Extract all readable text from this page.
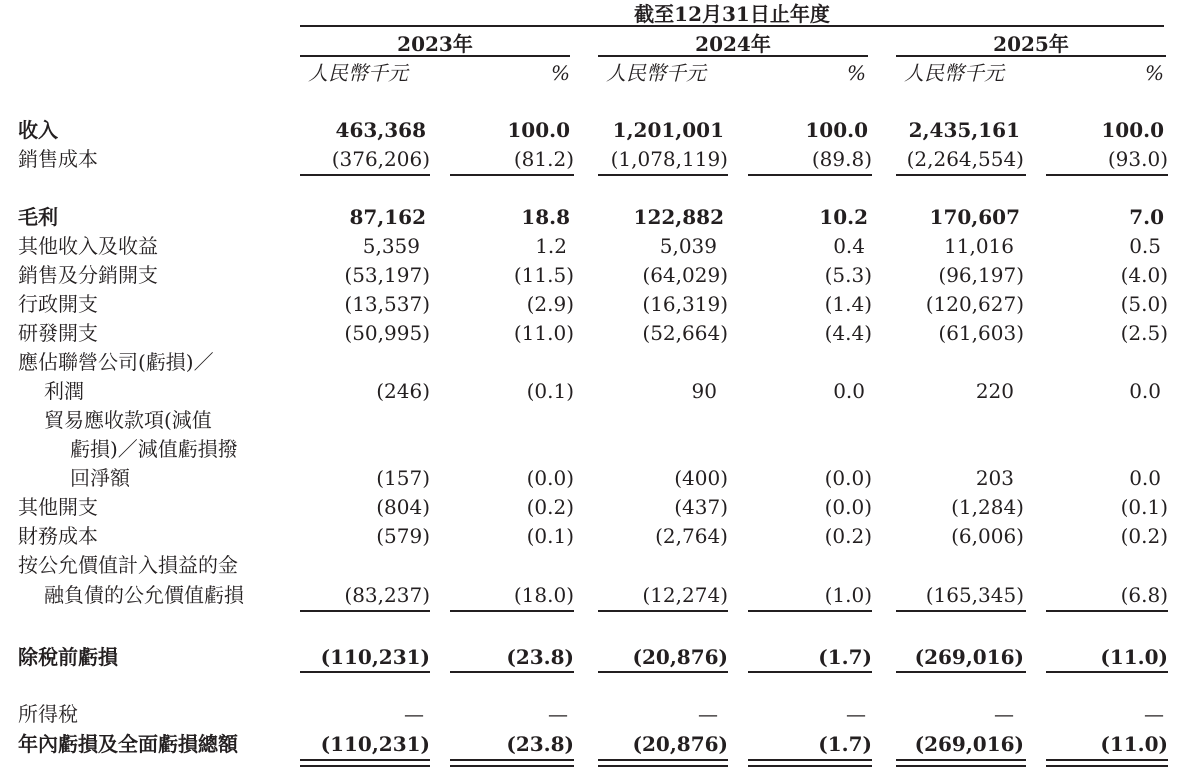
截至12月31日止年度
2023年	2024年	2025年
人民幣千元	% 人民幣千元	% 人民幣千元	%
收入	463,368	100.0	1,201,001	100.0	2,435,161	100.0
銷售成本	(376,206)	(81.2)	(1,078,119)	(89.8)	(2,264,554)	(93.0)
毛利	87,162	18.8	122,882	10.2	170,607	7.0
其他收入及收益	5,359	1.2	5,039	0.4	11,016	0.5
銷售及分銷開支	(53,197)	(11.5)	(64,029)	(5.3)	(96,197)	(4.0)
行政開支	(13,537)	(2.9)	(16,319)	(1.4)	(120,627)	(5.0)
研發開支	(50,995)	(11.0)	(52,664)	(4.4)	(61,603)	(2.5)
應佔聯營公司(虧損)／
利潤	(246)	(0.1)	90	0.0	220	0.0
貿易應收款項(減值
虧損)／減值虧損撥
回淨額	(157)	(0.0)	(400)	(0.0)	203	0.0
其他開支	(804)	(0.2)	(437)	(0.0)	(1,284)	(0.1)
財務成本	(579)	(0.1)	(2,764)	(0.2)	(6,006)	(0.2)
按公允價值計入損益的金
融負債的公允價值虧損	(83,237)	(18.0)	(12,274)	(1.0)	(165,345)	(6.8)
除稅前虧損	(110,231)	(23.8)	(20,876)	(1.7)	(269,016)	(11.0)
所得稅	—	—	—	—	—	—
年內虧損及全面虧損總額	(110,231)	(23.8)	(20,876)	(1.7)	(269,016)	(11.0)
